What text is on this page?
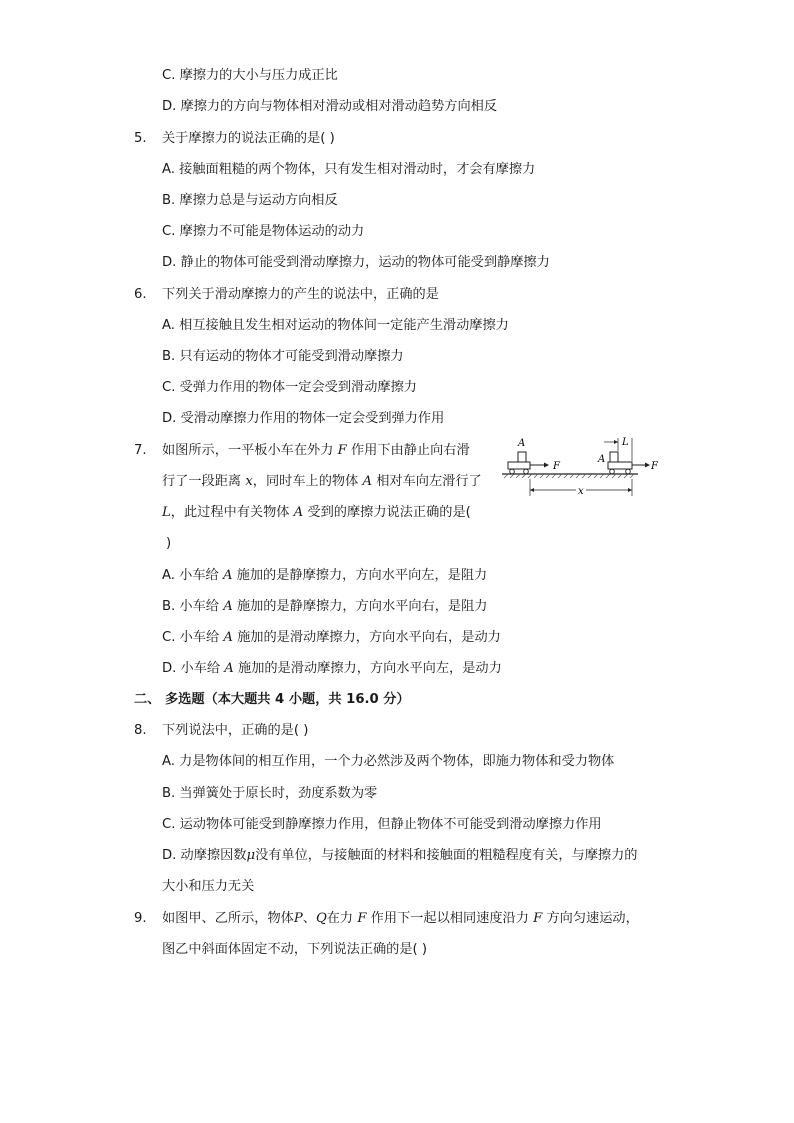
C. 摩擦力的大小与压力成正比
D. 摩擦力的方向与物体相对滑动或相对滑动趋势方向相反
5. 关于摩擦力的说法正确的是( )
A. 接触面粗糙的两个物体，只有发生相对滑动时，才会有摩擦力
B. 摩擦力总是与运动方向相反
C. 摩擦力不可能是物体运动的动力
D. 静止的物体可能受到滑动摩擦力，运动的物体可能受到静摩擦力
6. 下列关于滑动摩擦力的产生的说法中，正确的是
A. 相互接触且发生相对运动的物体间一定能产生滑动摩擦力
B. 只有运动的物体才可能受到滑动摩擦力
C. 受弹力作用的物体一定会受到滑动摩擦力
D. 受滑动摩擦力作用的物体一定会受到弹力作用
7. 如图所示，一平板小车在外力 F 作用下由静止向右滑
行了一段距离 x，同时车上的物体 A 相对车向左滑行了
L，此过程中有关物体 A 受到的摩擦力说法正确的是(
)
A
F
A
L
F
x
A. 小车给 A 施加的是静摩擦力，方向水平向左，是阻力
B. 小车给 A 施加的是静摩擦力，方向水平向右，是阻力
C. 小车给 A 施加的是滑动摩擦力，方向水平向右，是动力
D. 小车给 A 施加的是滑动摩擦力，方向水平向左，是动力
二、 多选题（本大题共 4 小题，共 16.0 分）
8. 下列说法中，正确的是( )
A. 力是物体间的相互作用，一个力必然涉及两个物体，即施力物体和受力物体
B. 当弹簧处于原长时，劲度系数为零
C. 运动物体可能受到静摩擦力作用，但静止物体不可能受到滑动摩擦力作用
D. 动摩擦因数μ没有单位，与接触面的材料和接触面的粗糙程度有关，与摩擦力的
大小和压力无关
9. 如图甲、乙所示，物体P、Q在力 F 作用下一起以相同速度沿力 F 方向匀速运动，
图乙中斜面体固定不动，下列说法正确的是( )
